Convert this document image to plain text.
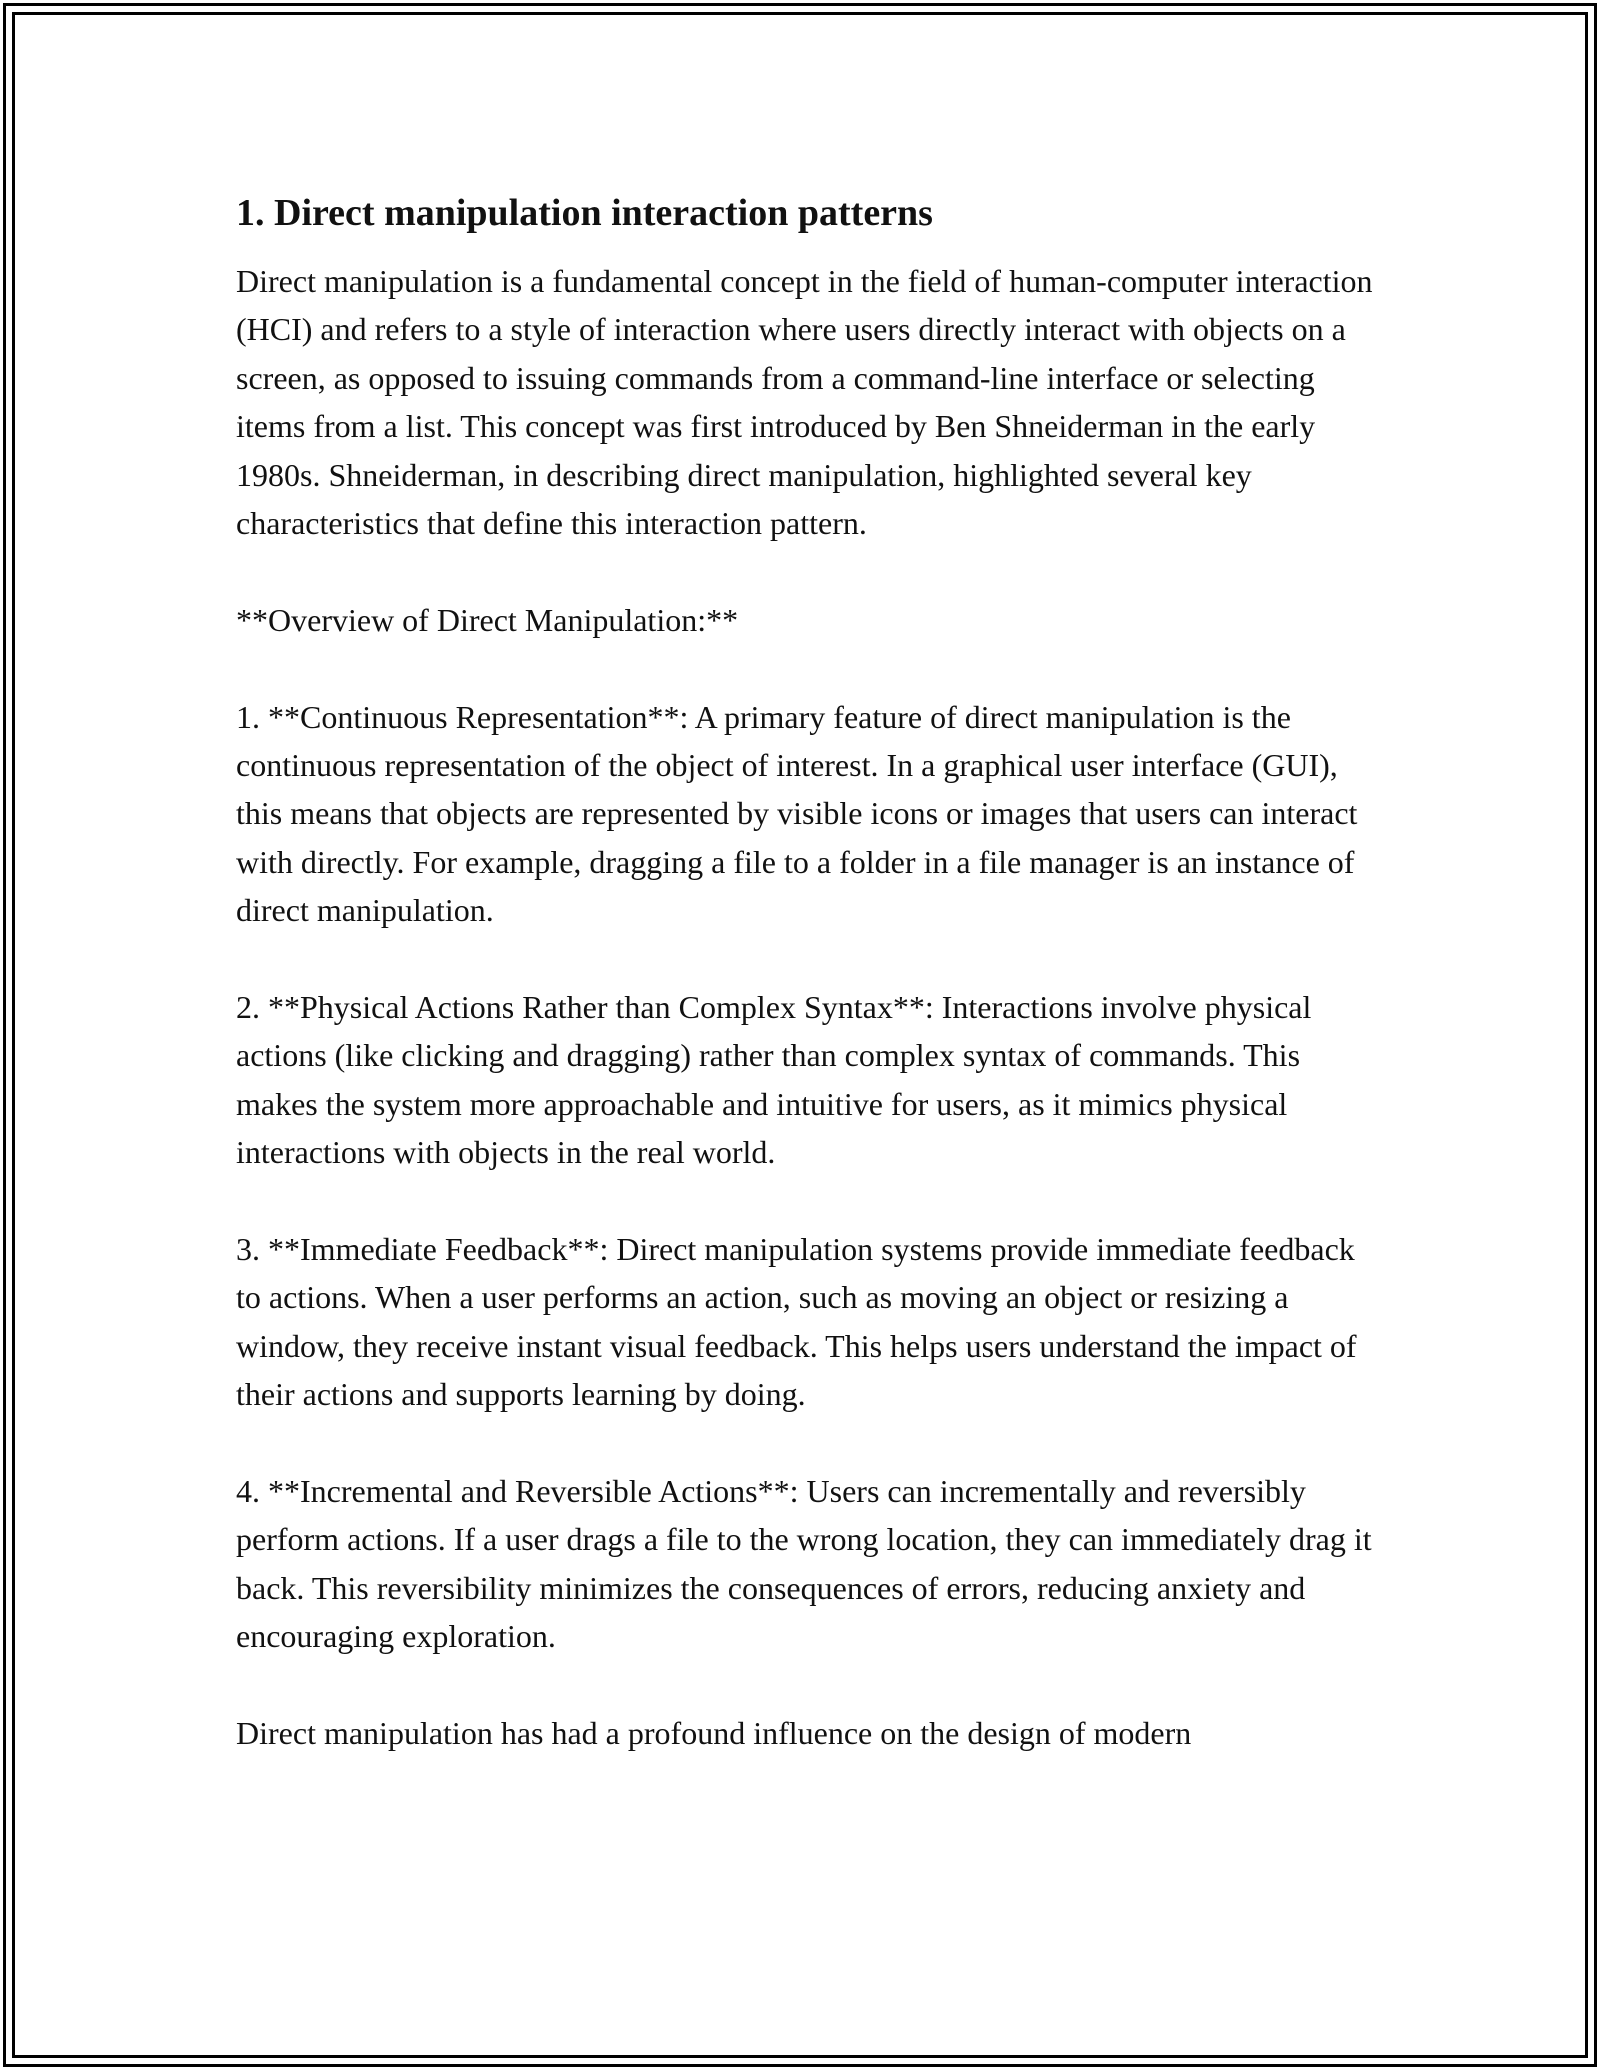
1. Direct manipulation interaction patterns

Direct manipulation is a fundamental concept in the field of human-computer interaction (HCI) and refers to a style of interaction where users directly interact with objects on a screen, as opposed to issuing commands from a command-line interface or selecting items from a list. This concept was first introduced by Ben Shneiderman in the early 1980s. Shneiderman, in describing direct manipulation, highlighted several key characteristics that define this interaction pattern.

**Overview of Direct Manipulation:**

1. **Continuous Representation**: A primary feature of direct manipulation is the continuous representation of the object of interest. In a graphical user interface (GUI), this means that objects are represented by visible icons or images that users can interact with directly. For example, dragging a file to a folder in a file manager is an instance of direct manipulation.

2. **Physical Actions Rather than Complex Syntax**: Interactions involve physical actions (like clicking and dragging) rather than complex syntax of commands. This makes the system more approachable and intuitive for users, as it mimics physical interactions with objects in the real world.

3. **Immediate Feedback**: Direct manipulation systems provide immediate feedback to actions. When a user performs an action, such as moving an object or resizing a window, they receive instant visual feedback. This helps users understand the impact of their actions and supports learning by doing.

4. **Incremental and Reversible Actions**: Users can incrementally and reversibly perform actions. If a user drags a file to the wrong location, they can immediately drag it back. This reversibility minimizes the consequences of errors, reducing anxiety and encouraging exploration.

Direct manipulation has had a profound influence on the design of modern
